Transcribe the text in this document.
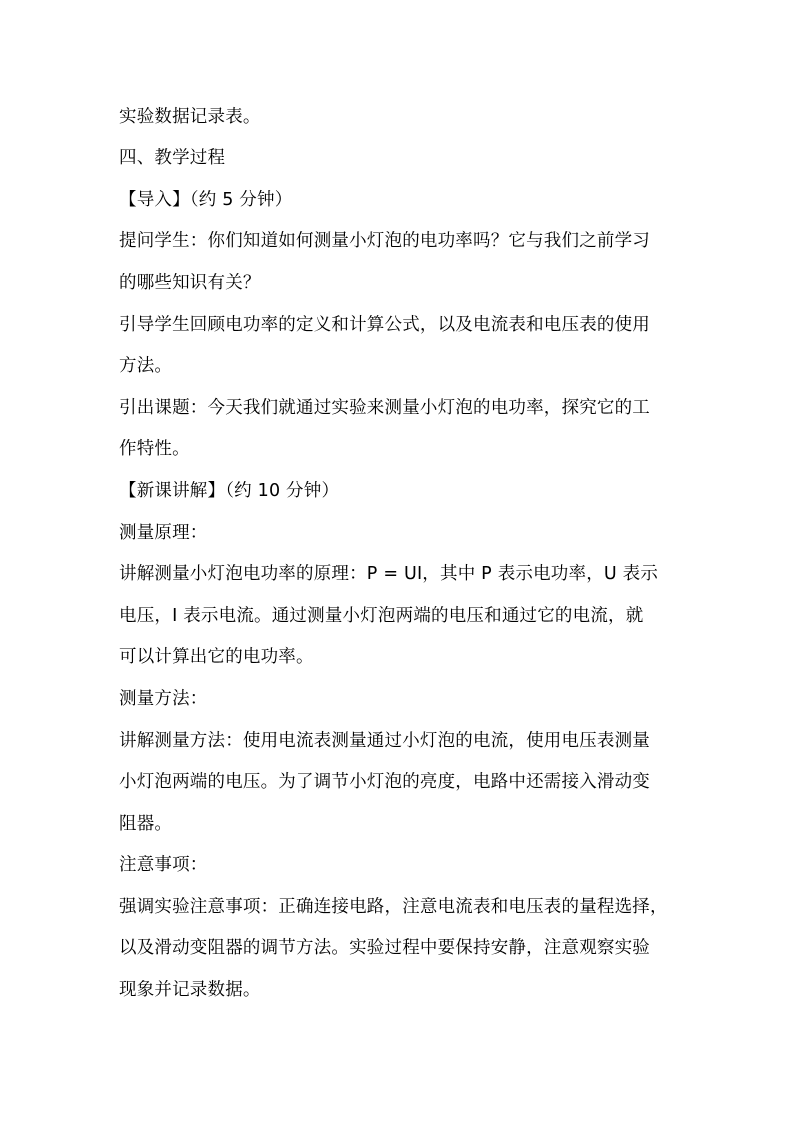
实验数据记录表。
四、教学过程
【导入】（约 5 分钟）
提问学生：你们知道如何测量小灯泡的电功率吗？它与我们之前学习
的哪些知识有关？
引导学生回顾电功率的定义和计算公式，以及电流表和电压表的使用
方法。
引出课题：今天我们就通过实验来测量小灯泡的电功率，探究它的工
作特性。
【新课讲解】（约 10 分钟）
测量原理：
讲解测量小灯泡电功率的原理：P = UI，其中 P 表示电功率，U 表示
电压，I 表示电流。通过测量小灯泡两端的电压和通过它的电流，就
可以计算出它的电功率。
测量方法：
讲解测量方法：使用电流表测量通过小灯泡的电流，使用电压表测量
小灯泡两端的电压。为了调节小灯泡的亮度，电路中还需接入滑动变
阻器。
注意事项：
强调实验注意事项：正确连接电路，注意电流表和电压表的量程选择，
以及滑动变阻器的调节方法。实验过程中要保持安静，注意观察实验
现象并记录数据。
